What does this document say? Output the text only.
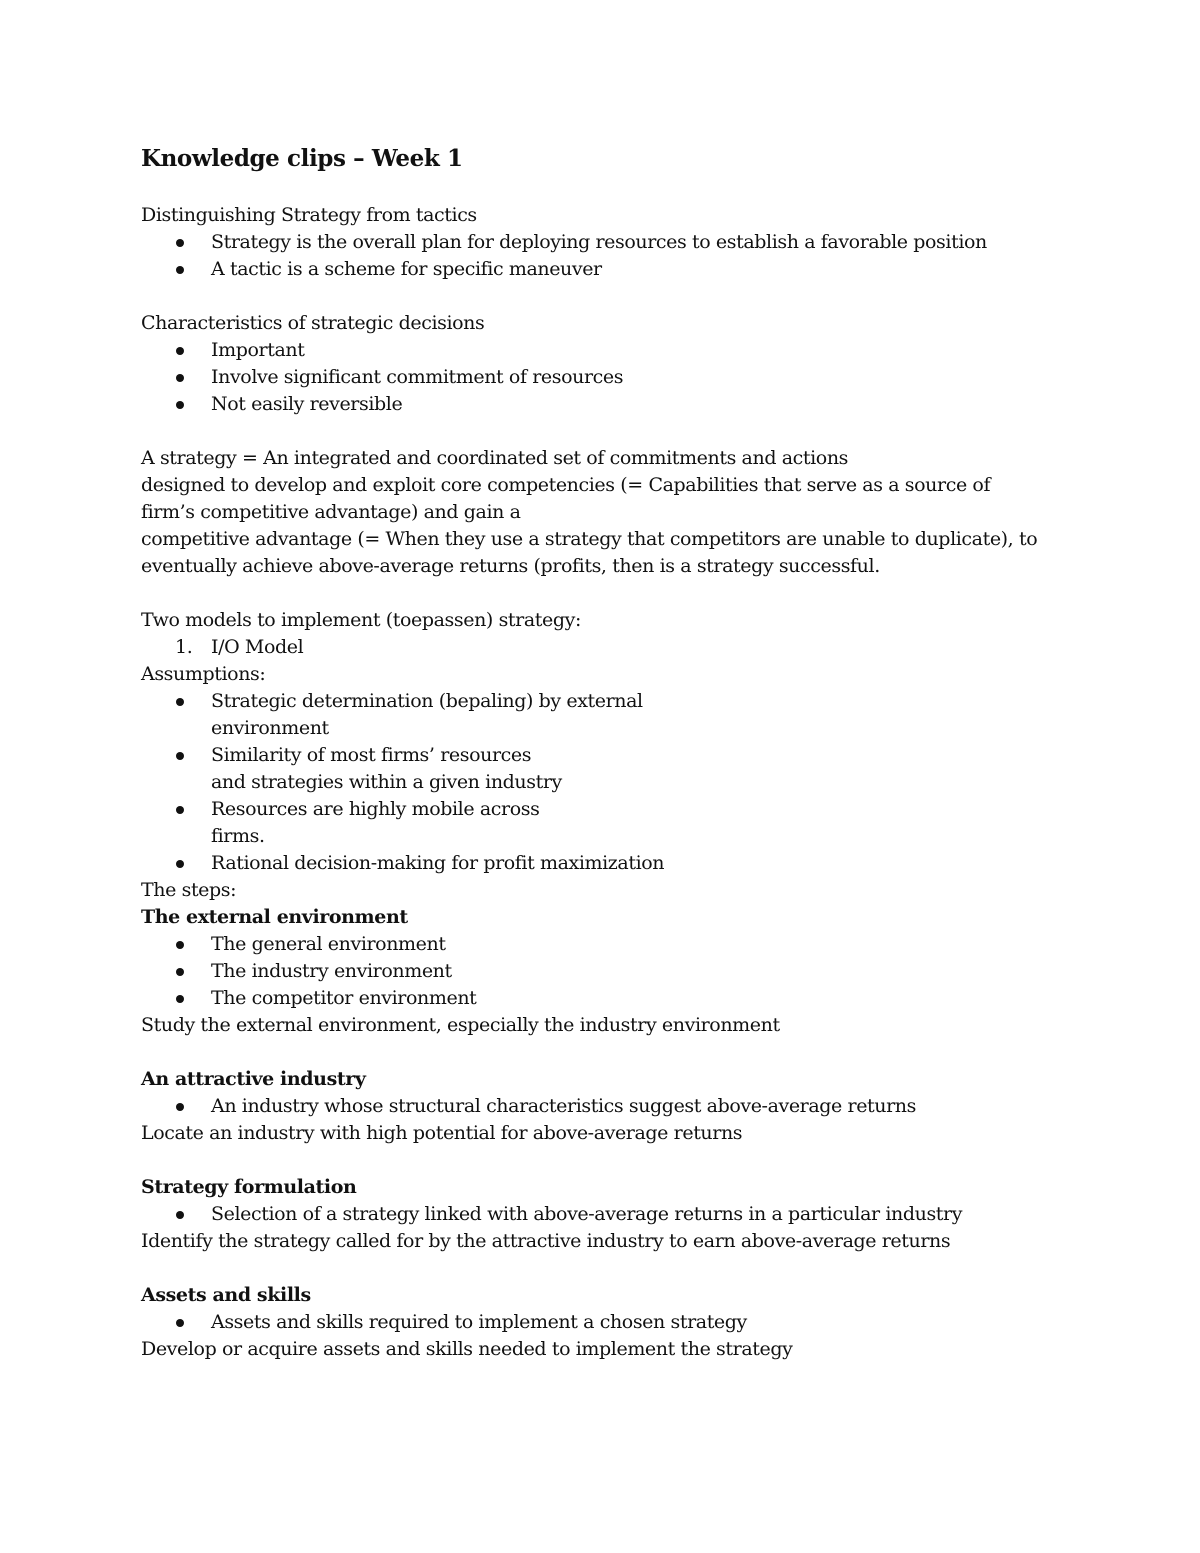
Knowledge clips – Week 1

Distinguishing Strategy from tactics

Strategy is the overall plan for deploying resources to establish a favorable position
A tactic is a scheme for specific maneuver

Characteristics of strategic decisions

Important
Involve significant commitment of resources
Not easily reversible

A strategy = An integrated and coordinated set of commitments and actions

designed to develop and exploit core competencies (= Capabilities that serve as a source of

firm’s competitive advantage) and gain a

competitive advantage (= When they use a strategy that competitors are unable to duplicate), to

eventually achieve above-average returns (profits, then is a strategy successful.

Two models to implement (toepassen) strategy:

1. I/O Model

Assumptions:

Strategic determination (bepaling) by external
environment
Similarity of most firms’ resources
and strategies within a given industry
Resources are highly mobile across
firms.
Rational decision-making for profit maximization

The steps:

The external environment

The general environment
The industry environment
The competitor environment

Study the external environment, especially the industry environment

An attractive industry

An industry whose structural characteristics suggest above-average returns

Locate an industry with high potential for above-average returns

Strategy formulation

Selection of a strategy linked with above-average returns in a particular industry

Identify the strategy called for by the attractive industry to earn above-average returns

Assets and skills

Assets and skills required to implement a chosen strategy

Develop or acquire assets and skills needed to implement the strategy
